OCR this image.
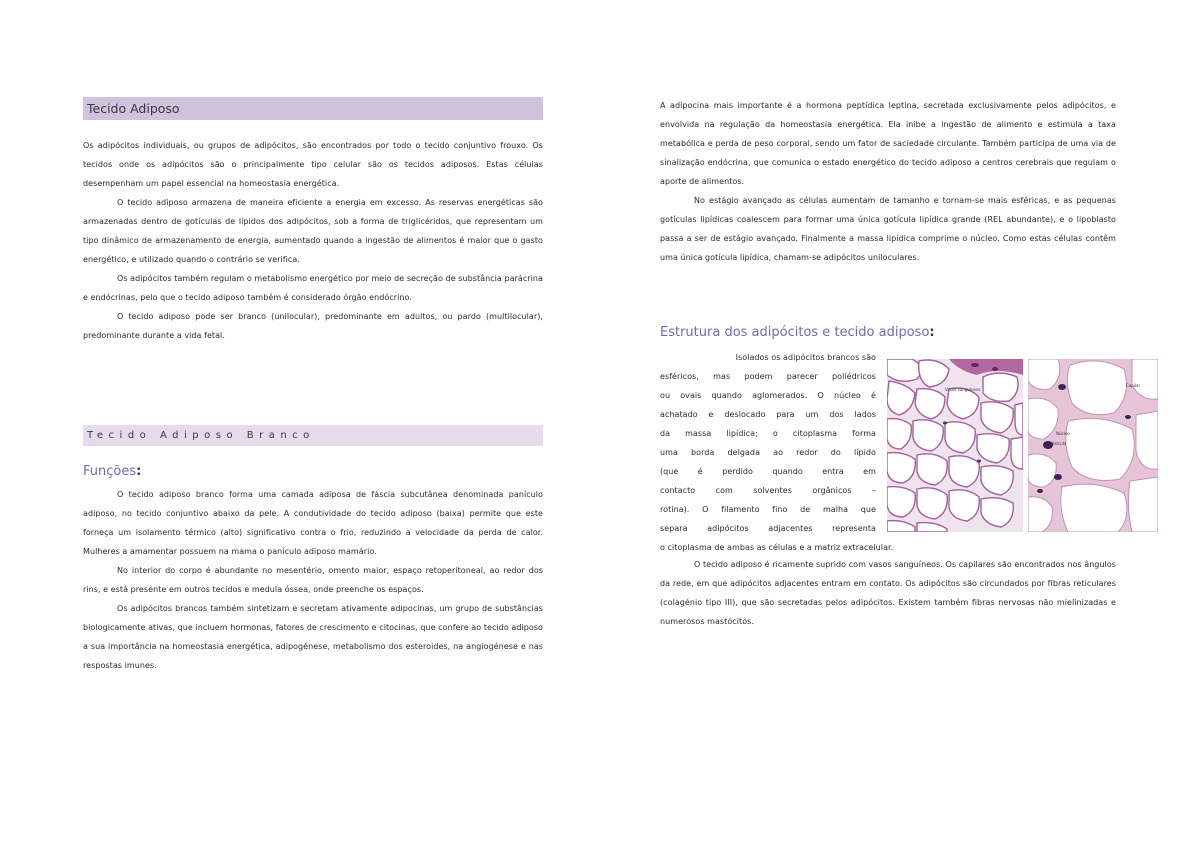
Tecido Adiposo

Os adipócitos individuais, ou grupos de adipócitos, são encontrados por todo o tecido conjuntivo frouxo. Os tecidos onde os adipócitos são o principalmente tipo celular são os tecidos adiposos. Estas células desempenham um papel essencial na homeostasia energética.

O tecido adiposo armazena de maneira eficiente a energia em excesso. As reservas energéticas são armazenadas dentro de gotículas de lípidos dos adipócitos, sob a forma de triglicéridos, que representam um tipo dinâmico de armazenamento de energia, aumentado quando a ingestão de alimentos é maior que o gasto energético, e utilizado quando o contrário se verifica.

Os adipócitos também regulam o metabolismo energético por meio de secreção de substância parácrina e endócrinas, pelo que o tecido adiposo também é considerado órgão endócrino.

O tecido adiposo pode ser branco (unilocular), predominante em adultos, ou pardo (multilocular), predominante durante a vida fetal.

Tecido Adiposo Branco
Funções:

O tecido adiposo branco forma uma camada adiposa de fáscia subcutânea denominada panículo adiposo, no tecido conjuntivo abaixo da pele. A condutividade do tecido adiposo (baixa) permite que este forneça um isolamento térmico (alto) significativo contra o frio, reduzindo a velocidade da perda de calor. Mulheres a amamentar possuem na mama o panículo adiposo mamário.

No interior do corpo é abundante no mesentério, omento maior, espaço retoperitoneal, ao redor dos rins, e está presente em outros tecidos e medula óssea, onde preenche os espaços.

Os adipócitos brancos também sintetizam e secretam ativamente adipocinas, um grupo de substâncias biologicamente ativas, que incluem hormonas, fatores de crescimento e citocinas, que confere ao tecido adiposo a sua importância na homeostasia energética, adipogénese, metabolismo dos esteroides, na angiogénese e nas respostas imunes.

A adipocina mais importante é a hormona peptídica leptina, secretada exclusivamente pelos adipócitos, e envolvida na regulação da homeostasia energética. Ela inibe a ingestão de alimento e estimula a taxa metabólica e perda de peso corporal, sendo um fator de saciedade circulante. Também participa de uma via de sinalização endócrina, que comunica o estado energético do tecido adiposo a centros cerebrais que regulam o aporte de alimentos.

No estágio avançado as células aumentam de tamanho e tornam-se mais esféricas, e as pequenas gotículas lipídicas coalescem para formar uma única gotícula lipídica grande (REL abundante), e o lipoblasto passa a ser de estágio avançado. Finalmente a massa lipídica comprime o núcleo. Como estas células contêm uma única gotícula lipídica, chamam-se adipócitos uniloculares.

Estrutura dos adipócitos e tecido adiposo:

Isolados os adipócitos brancos são

esféricos, mas podem parecer poliédricos

ou ovais quando aglomerados. O núcleo é

achatado e deslocado para um dos lados

da massa lipídica; o citoplasma forma

uma borda delgada ao redor do lípido

(que é perdido quando entra em

contacto com solventes orgânicos –

rotina). O filamento fino de malha que

separa adipócitos adjacentes representa

o citoplasma de ambas as células e a matriz extracelular.

O tecido adiposo é ricamente suprido com vasos sanguíneos. Os capilares são encontrados nos ângulos da rede, em que adipócitos adjacentes entram em contato. Os adipócitos são circundados por fibras reticulares (colagénio tipo III), que são secretadas pelos adipócitos. Existem também fibras nervosas não mielinizadas e numerosos mastócitos.

Vasos sanguíneos
Capilar
Núcleo
Vesícula
